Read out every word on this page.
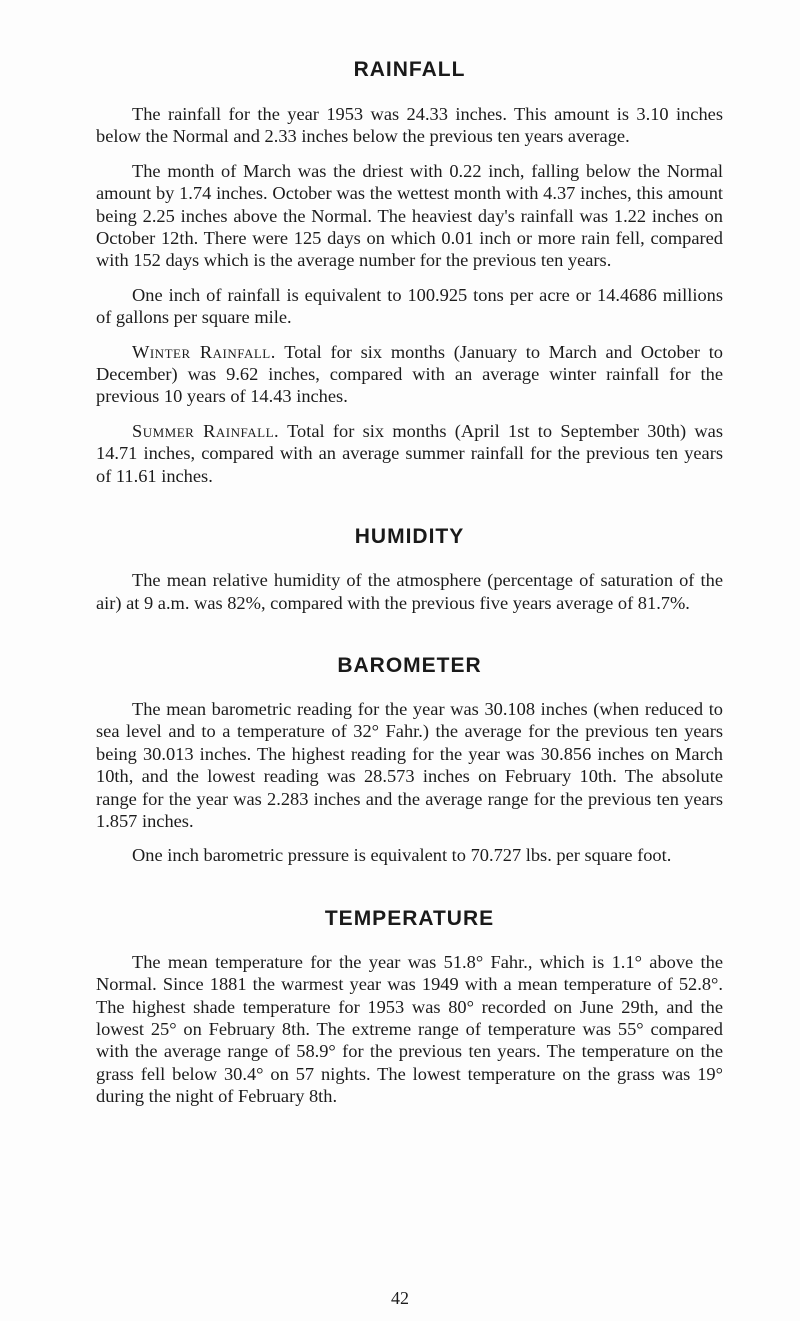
RAINFALL

The rainfall for the year 1953 was 24.33 inches. This amount is 3.10 inches below the Normal and 2.33 inches below the previous ten years average.

The month of March was the driest with 0.22 inch, falling below the Normal amount by 1.74 inches. October was the wettest month with 4.37 inches, this amount being 2.25 inches above the Normal. The heaviest day's rainfall was 1.22 inches on October 12th. There were 125 days on which 0.01 inch or more rain fell, compared with 152 days which is the average number for the previous ten years.

One inch of rainfall is equivalent to 100.925 tons per acre or 14.4686 millions of gallons per square mile.

Winter Rainfall. Total for six months (January to March and October to December) was 9.62 inches, compared with an average winter rainfall for the previous 10 years of 14.43 inches.

Summer Rainfall. Total for six months (April 1st to September 30th) was 14.71 inches, compared with an average summer rainfall for the previous ten years of 11.61 inches.

HUMIDITY

The mean relative humidity of the atmosphere (percentage of saturation of the air) at 9 a.m. was 82%, compared with the previous five years average of 81.7%.

BAROMETER

The mean barometric reading for the year was 30.108 inches (when reduced to sea level and to a temperature of 32° Fahr.) the average for the previous ten years being 30.013 inches. The highest reading for the year was 30.856 inches on March 10th, and the lowest reading was 28.573 inches on February 10th. The absolute range for the year was 2.283 inches and the average range for the previous ten years 1.857 inches.

One inch barometric pressure is equivalent to 70.727 lbs. per square foot.

TEMPERATURE

The mean temperature for the year was 51.8° Fahr., which is 1.1° above the Normal. Since 1881 the warmest year was 1949 with a mean temperature of 52.8°. The highest shade temperature for 1953 was 80° recorded on June 29th, and the lowest 25° on February 8th. The extreme range of temperature was 55° compared with the average range of 58.9° for the previous ten years. The temperature on the grass fell below 30.4° on 57 nights. The lowest temperature on the grass was 19° during the night of February 8th.

42
